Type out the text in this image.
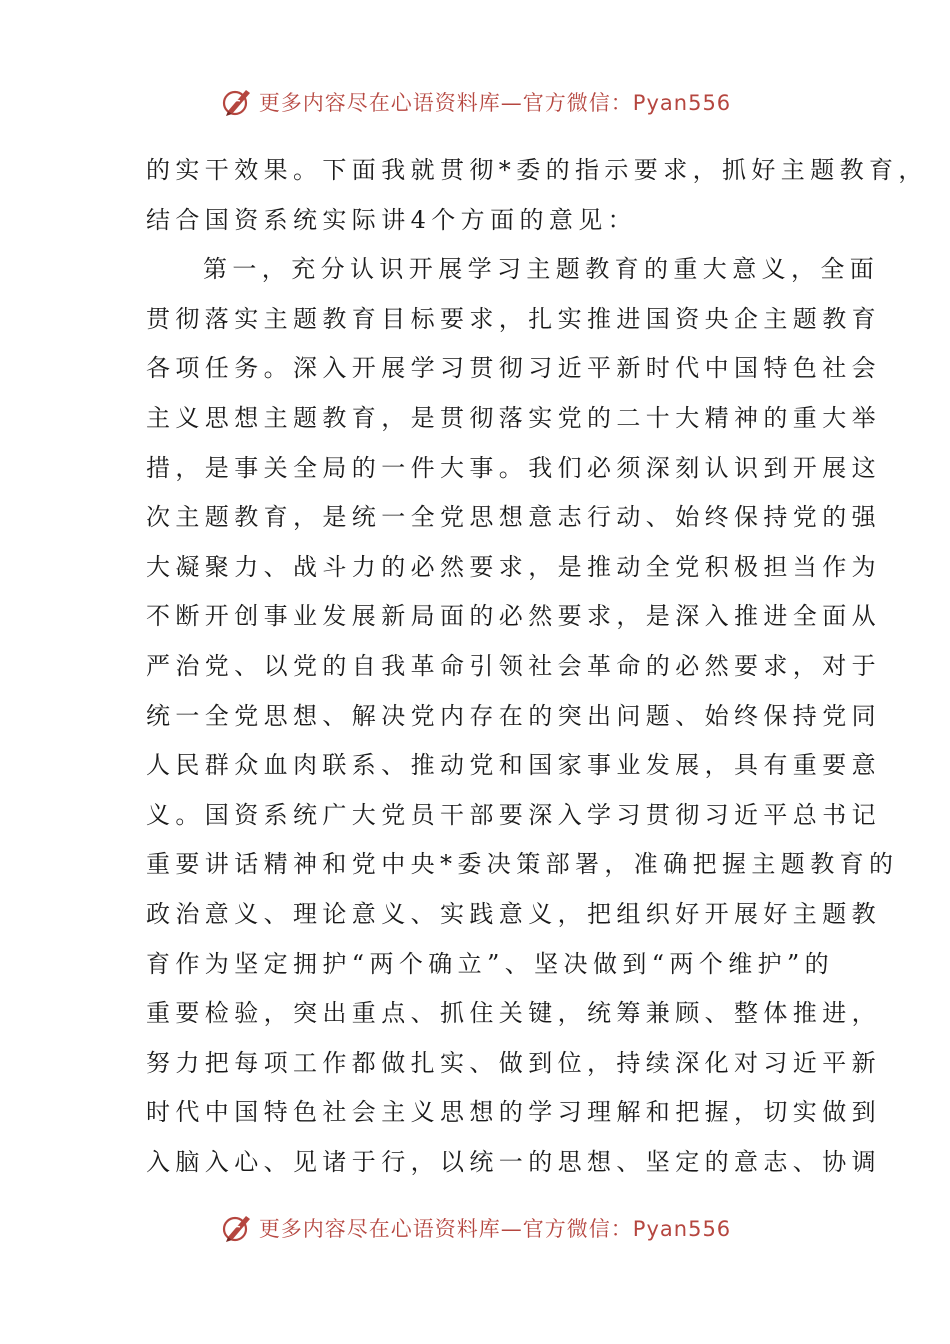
更多内容尽在心语资料库—官方微信：Pyan556
的实干效果。下面我就贯彻*委的指示要求，抓好主题教育，
结合国资系统实际讲4个方面的意见：
第一，充分认识开展学习主题教育的重大意义，全面
贯彻落实主题教育目标要求，扎实推进国资央企主题教育
各项任务。深入开展学习贯彻习近平新时代中国特色社会
主义思想主题教育，是贯彻落实党的二十大精神的重大举
措，是事关全局的一件大事。我们必须深刻认识到开展这
次主题教育，是统一全党思想意志行动、始终保持党的强
大凝聚力、战斗力的必然要求，是推动全党积极担当作为
不断开创事业发展新局面的必然要求，是深入推进全面从
严治党、以党的自我革命引领社会革命的必然要求，对于
统一全党思想、解决党内存在的突出问题、始终保持党同
人民群众血肉联系、推动党和国家事业发展，具有重要意
义。国资系统广大党员干部要深入学习贯彻习近平总书记
重要讲话精神和党中央*委决策部署，准确把握主题教育的
政治意义、理论意义、实践意义，把组织好开展好主题教
育作为坚定拥护“两个确立”、坚决做到“两个维护”的
重要检验，突出重点、抓住关键，统筹兼顾、整体推进，
努力把每项工作都做扎实、做到位，持续深化对习近平新
时代中国特色社会主义思想的学习理解和把握，切实做到
入脑入心、见诸于行，以统一的思想、坚定的意志、协调
更多内容尽在心语资料库—官方微信：Pyan556
